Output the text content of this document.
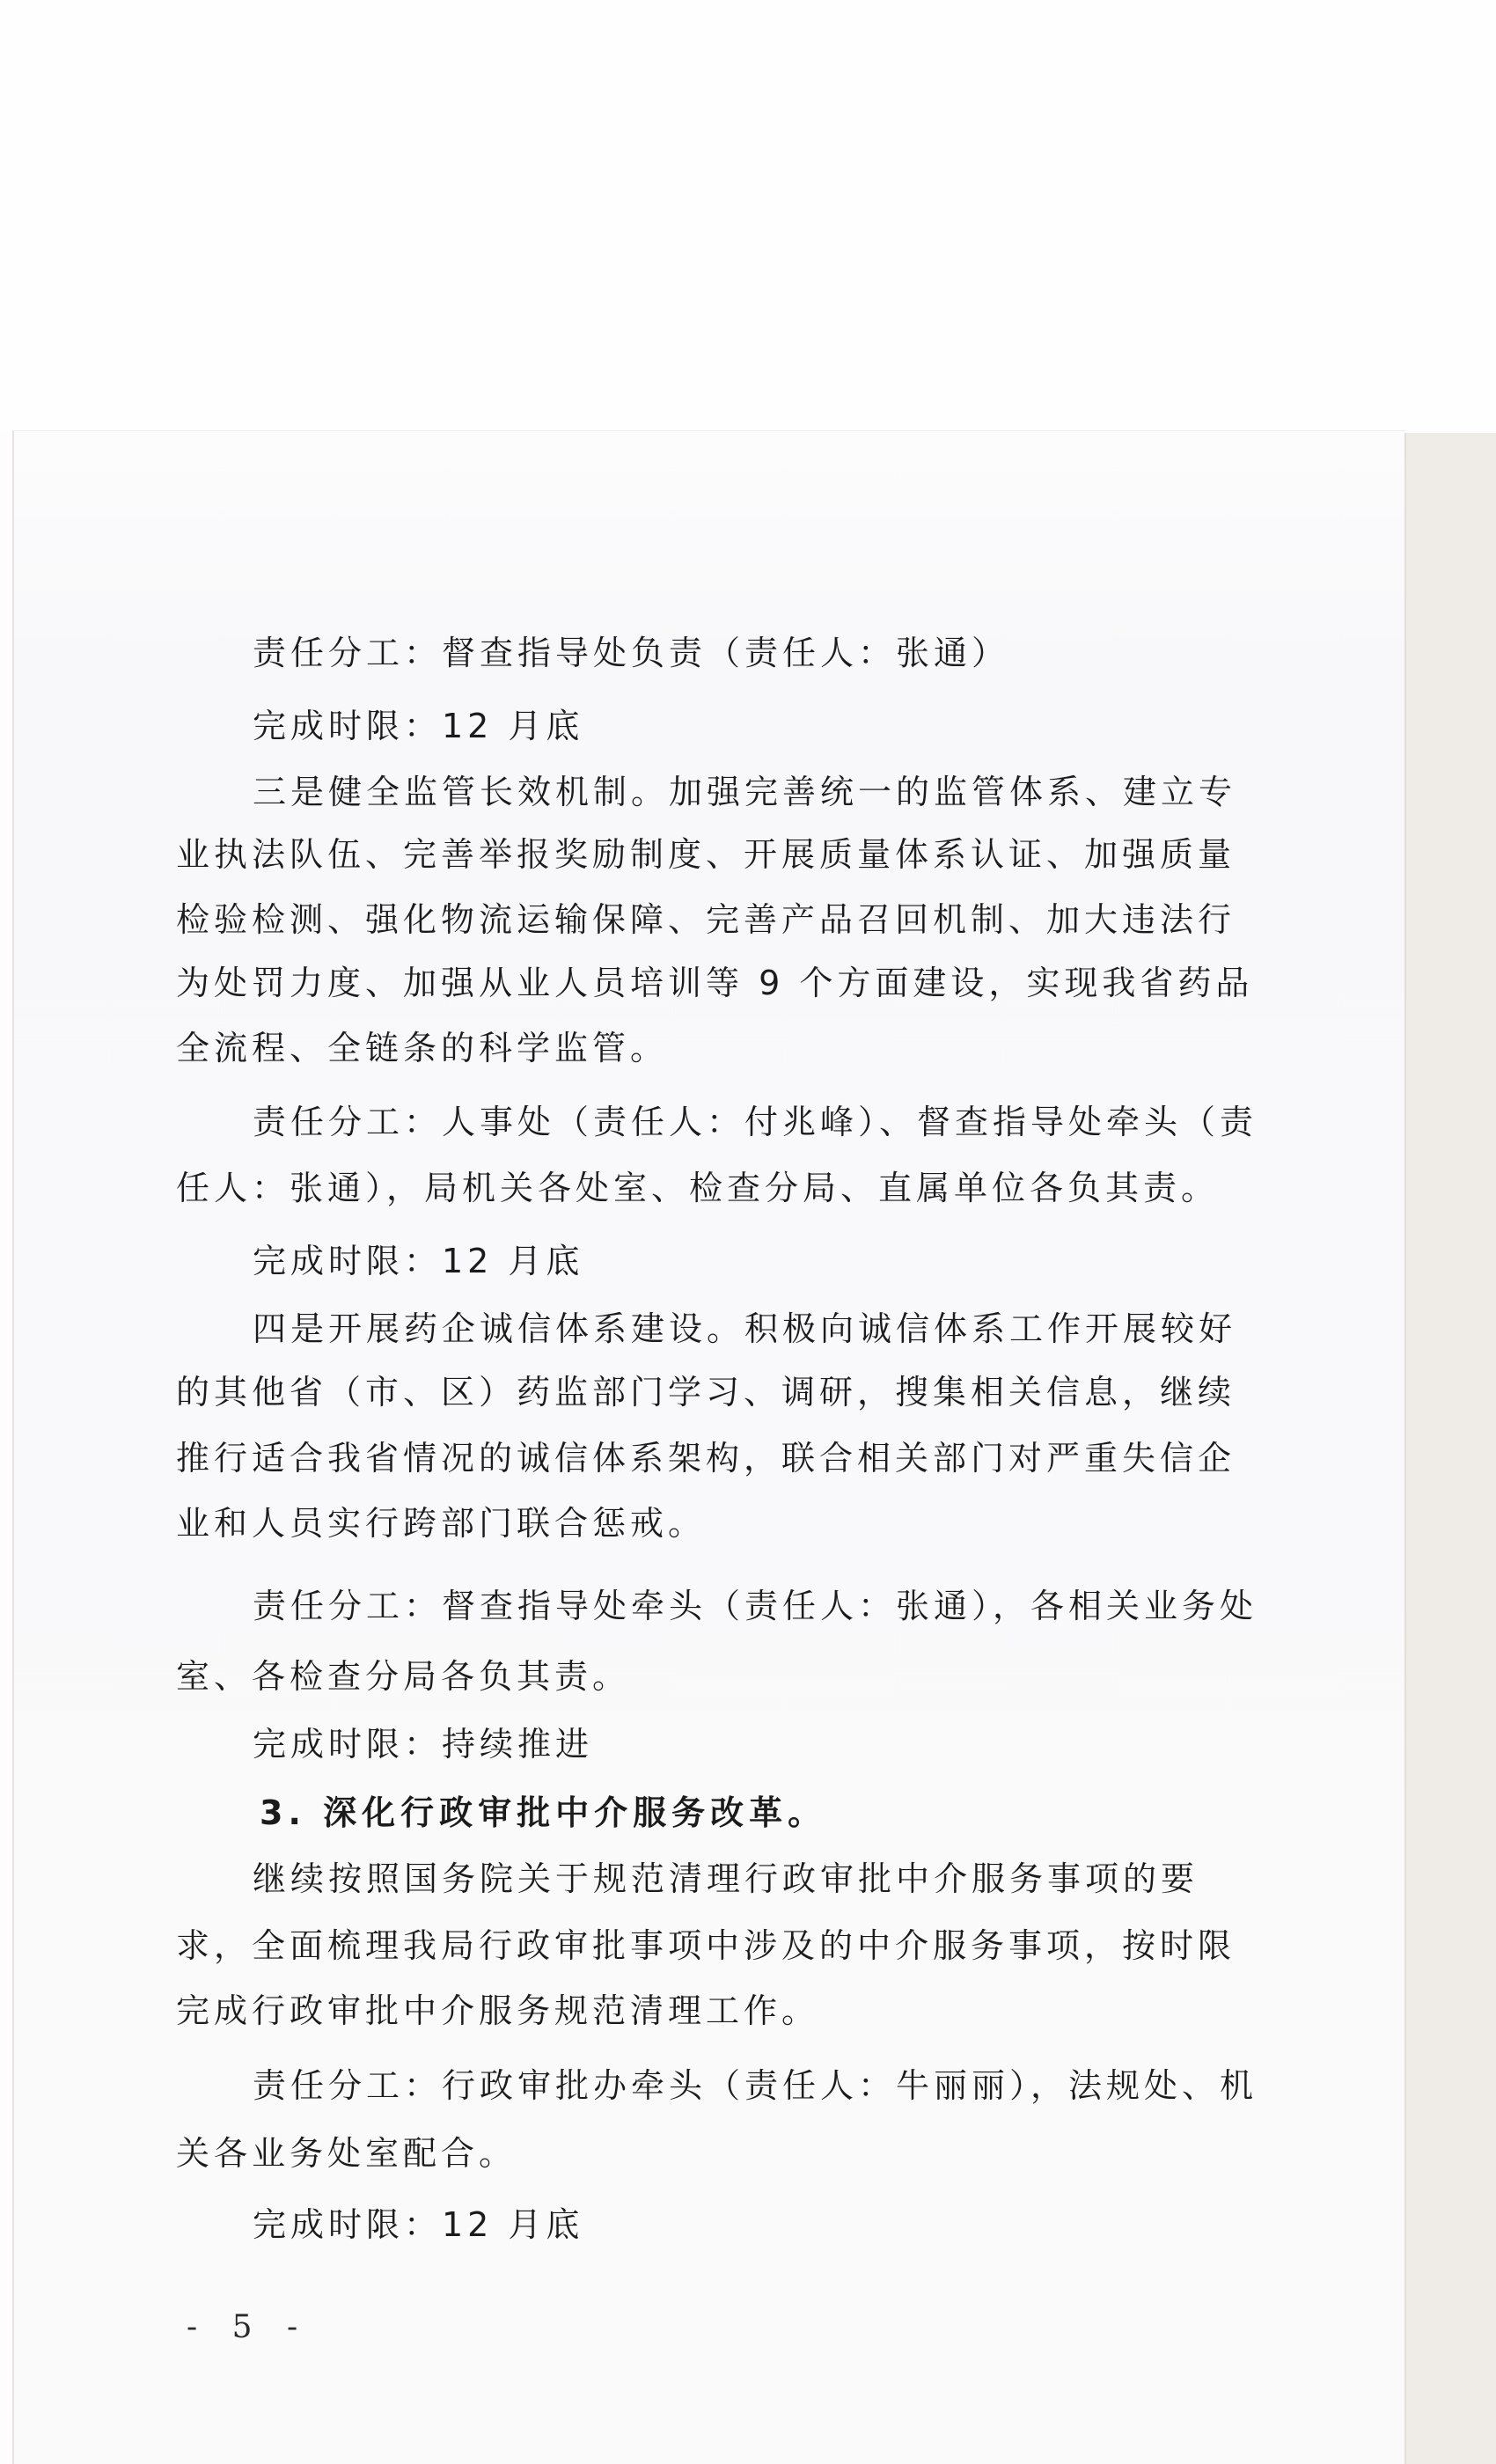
责任分工：督查指导处负责（责任人：张通）
完成时限：12 月底
三是健全监管长效机制。加强完善统一的监管体系、建立专
业执法队伍、完善举报奖励制度、开展质量体系认证、加强质量
检验检测、强化物流运输保障、完善产品召回机制、加大违法行
为处罚力度、加强从业人员培训等 9 个方面建设，实现我省药品
全流程、全链条的科学监管。
责任分工：人事处（责任人：付兆峰）、督查指导处牵头（责
任人：张通），局机关各处室、检查分局、直属单位各负其责。
完成时限：12 月底
四是开展药企诚信体系建设。积极向诚信体系工作开展较好
的其他省（市、区）药监部门学习、调研，搜集相关信息，继续
推行适合我省情况的诚信体系架构，联合相关部门对严重失信企
业和人员实行跨部门联合惩戒。
责任分工：督查指导处牵头（责任人：张通），各相关业务处
室、各检查分局各负其责。
完成时限：持续推进
3. 深化行政审批中介服务改革。
继续按照国务院关于规范清理行政审批中介服务事项的要
求，全面梳理我局行政审批事项中涉及的中介服务事项，按时限
完成行政审批中介服务规范清理工作。
责任分工：行政审批办牵头（责任人：牛丽丽），法规处、机
关各业务处室配合。
完成时限：12 月底
- 5 -
